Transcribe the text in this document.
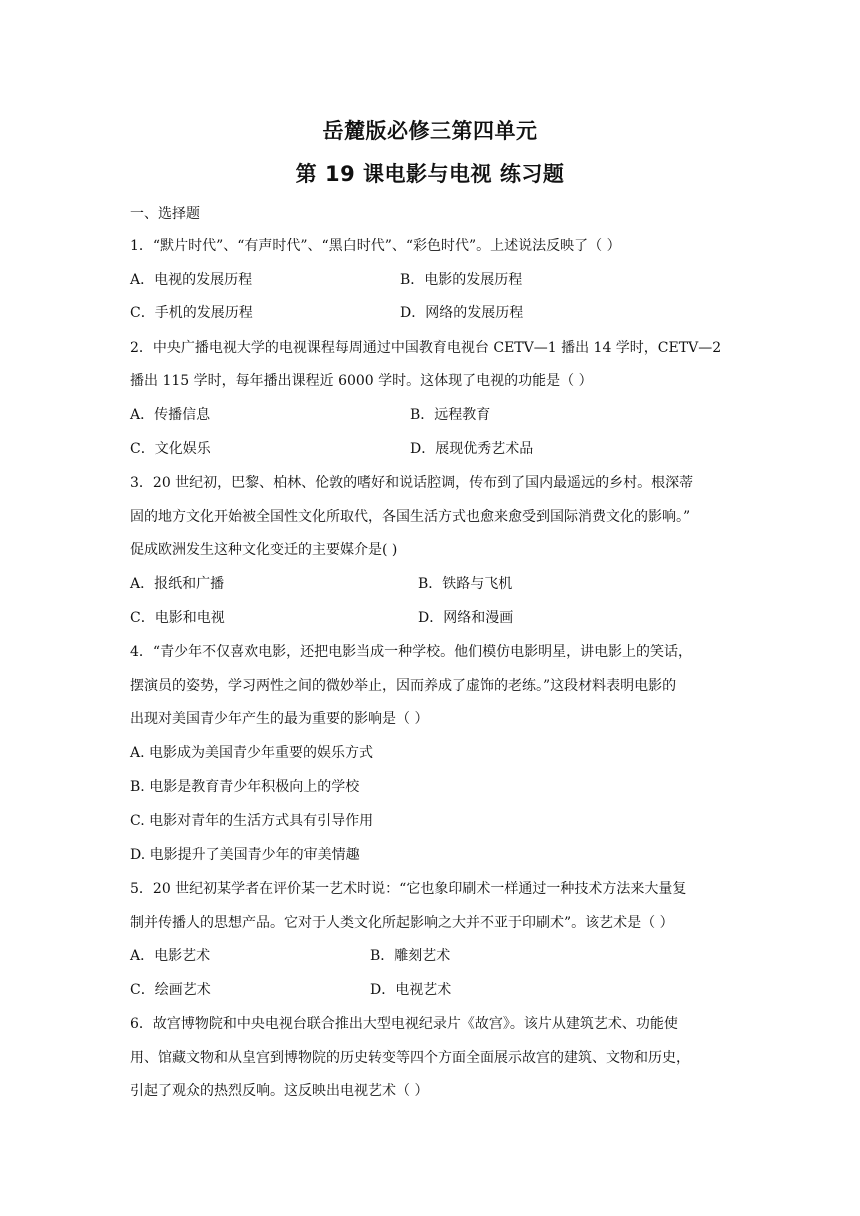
岳麓版必修三第四单元
第 19 课电影与电视 练习题
一、选择题
1．“默片时代”、“有声时代”、“黑白时代”、“彩色时代”。上述说法反映了（ ）
A．电视的发展历程	B．电影的发展历程
C．手机的发展历程	D．网络的发展历程
2．中央广播电视大学的电视课程每周通过中国教育电视台 CETV—1 播出 14 学时，CETV—2
播出 115 学时，每年播出课程近 6000 学时。这体现了电视的功能是（ ）
A．传播信息	B．远程教育
C．文化娱乐	D．展现优秀艺术品
3．20 世纪初，巴黎、柏林、伦敦的嗜好和说话腔调，传布到了国内最遥远的乡村。根深蒂
固的地方文化开始被全国性文化所取代，各国生活方式也愈来愈受到国际消费文化的影响。”
促成欧洲发生这种文化变迁的主要媒介是( )
A．报纸和广播	B．铁路与飞机
C．电影和电视	D．网络和漫画
4．“青少年不仅喜欢电影，还把电影当成一种学校。他们模仿电影明星，讲电影上的笑话，
摆演员的姿势，学习两性之间的微妙举止，因而养成了虚饰的老练。”这段材料表明电影的
出现对美国青少年产生的最为重要的影响是（ ）
A. 电影成为美国青少年重要的娱乐方式
B. 电影是教育青少年积极向上的学校
C. 电影对青年的生活方式具有引导作用
D. 电影提升了美国青少年的审美情趣
5．20 世纪初某学者在评价某一艺术时说：“它也象印刷术一样通过一种技术方法来大量复
制并传播人的思想产品。它对于人类文化所起影响之大并不亚于印刷术”。该艺术是（ ）
A．电影艺术	B．雕刻艺术
C．绘画艺术	D．电视艺术
6．故宫博物院和中央电视台联合推出大型电视纪录片《故宫》。该片从建筑艺术、功能使
用、馆藏文物和从皇宫到博物院的历史转变等四个方面全面展示故宫的建筑、文物和历史，
引起了观众的热烈反响。这反映出电视艺术（ ）
